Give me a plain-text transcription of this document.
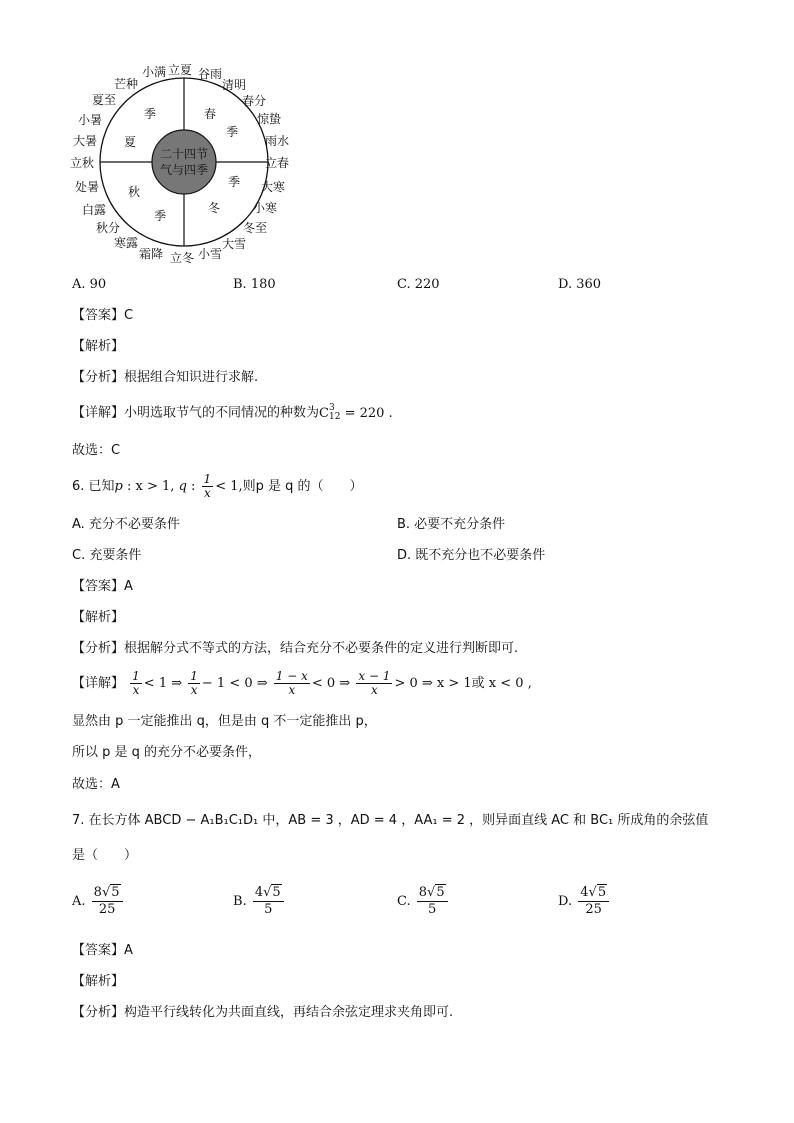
二十四节
气与四季
春
季
季
夏
秋
季
季
冬
小满 立夏 谷雨
清明
春分
惊蛰
雨水
立春
大寒
小寒
冬至
大雪
小雪
立冬
霜降
寒露
秋分
白露
处暑
立秋
大暑
小暑
夏至
芒种
A. 90	B. 180	C. 220	D. 360
【答案】C
【解析】
【分析】根据组合知识进行求解.
【详解】小明选取节气的不同情况的种数为C 3
12 = 220 .
故选：C
6. 已知p : x > 1, q : $\frac{1}{x} < 1$,则p 是 q 的（　　）
A. 充分不必要条件	B. 必要不充分条件
C. 充要条件	D. 既不充分也不必要条件
【答案】A
【解析】
【分析】根据解分式不等式的方法，结合充分不必要条件的定义进行判断即可.
【详解】 $\frac{1}{x} < 1$ ⇒ $\frac{1}{x} - 1 < 0$ ⇒ $\frac{1 - x}{x} < 0$ ⇒ $\frac{x - 1}{x} > 0$ ⇒ x > 1或 x < 0 ,
显然由 p 一定能推出 q，但是由 q 不一定能推出 p，
所以 p 是 q 的充分不必要条件，
故选：A
7. 在长方体 ABCD − A₁B₁C₁D₁ 中，AB = 3 ，AD = 4 ，AA₁ = 2 ，则异面直线 AC 和 BC₁ 所成角的余弦值
是（　　）
A. $\frac{8√5}{25}$	B. $\frac{4√5}{5}$	C. $\frac{8√5}{5}$	D. $\frac{4√5}{25}$
【答案】A
【解析】
【分析】构造平行线转化为共面直线，再结合余弦定理求夹角即可.
